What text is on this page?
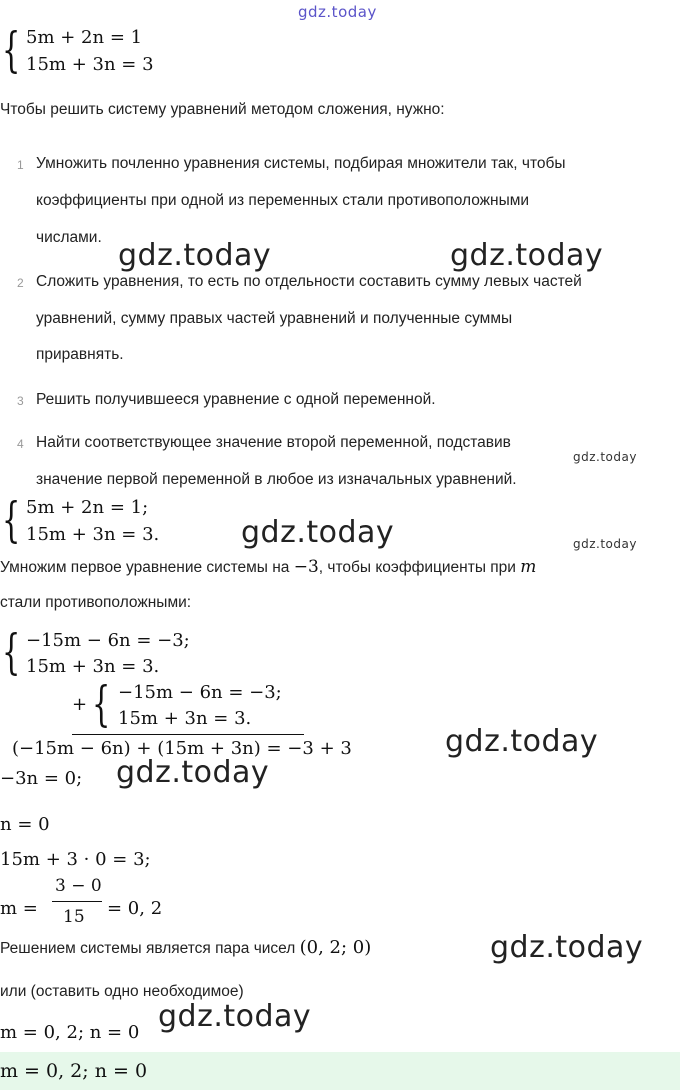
gdz.today
{ 5m + 2n = 1
15m + 3n = 3
Чтобы решить систему уравнений методом сложения, нужно:
1 Умножить почленно уравнения системы, подбирая множители так, чтобы
коэффициенты при одной из переменных стали противоположными
числами.
2 Сложить уравнения, то есть по отдельности составить сумму левых частей
уравнений, сумму правых частей уравнений и полученные суммы
приравнять.
3 Решить получившееся уравнение с одной переменной.
4 Найти соответствующее значение второй переменной, подставив
значение первой переменной в любое из изначальных уравнений.
gdz.today	gdz.today
gdz.today
gdz.today
gdz.today
{ 5m + 2n = 1;
15m + 3n = 3.
Умножим первое уравнение системы на −3, чтобы коэффициенты при m
стали противоположными:
{ −15m − 6n = −3;
15m + 3n = 3.
+ { −15m − 6n = −3;
15m + 3n = 3.
(−15m − 6n) + (15m + 3n) = −3 + 3	gdz.today
−3n = 0; gdz.today
n = 0
15m + 3 · 0 = 3;
m =
3 − 0
15 = 0, 2
Решением системы является пара чисел (0, 2; 0)	gdz.today
или (оставить одно необходимое)
m = 0, 2; n = 0 gdz.today
m = 0, 2; n = 0
